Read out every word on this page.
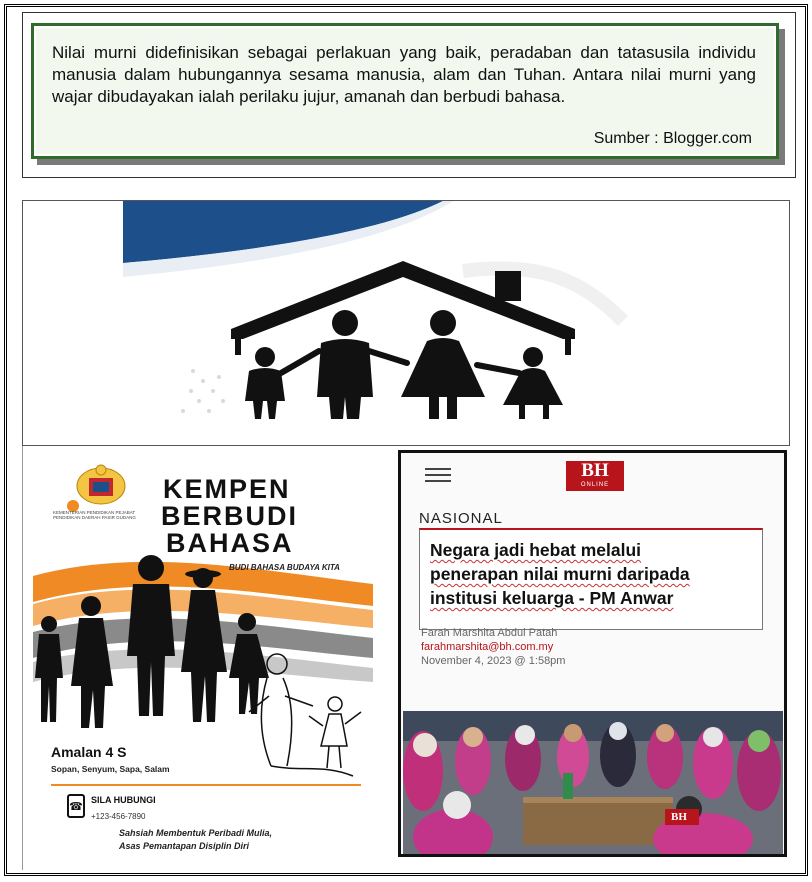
Nilai murni didefinisikan sebagai perlakuan yang baik, peradaban dan tatasusila individu manusia dalam hubungannya sesama manusia, alam dan Tuhan. Antara nilai murni yang wajar dibudayakan ialah perilaku jujur, amanah dan berbudi bahasa.

Sumber : Blogger.com
KEMENTERIAN PENDIDIKAN PEJABAT PENDIDIKAN DAERAH PASIR GUDANG
KEMPEN
BERBUDI
BAHASA
BUDI BAHASA BUDAYA KITA
Amalan 4 S
Sopan, Senyum, Sapa, Salam
☎
SILA HUBUNGI
+123-456-7890
Sahsiah Membentuk Peribadi Mulia,
Asas Pemantapan Disiplin Diri
BH
ONLINE
NASIONAL
Negara jadi hebat melalui
penerapan nilai murni daripada
institusi keluarga - PM Anwar
Farah Marshita Abdul Patah
farahmarshita@bh.com.my
November 4, 2023 @ 1:58pm
BH
